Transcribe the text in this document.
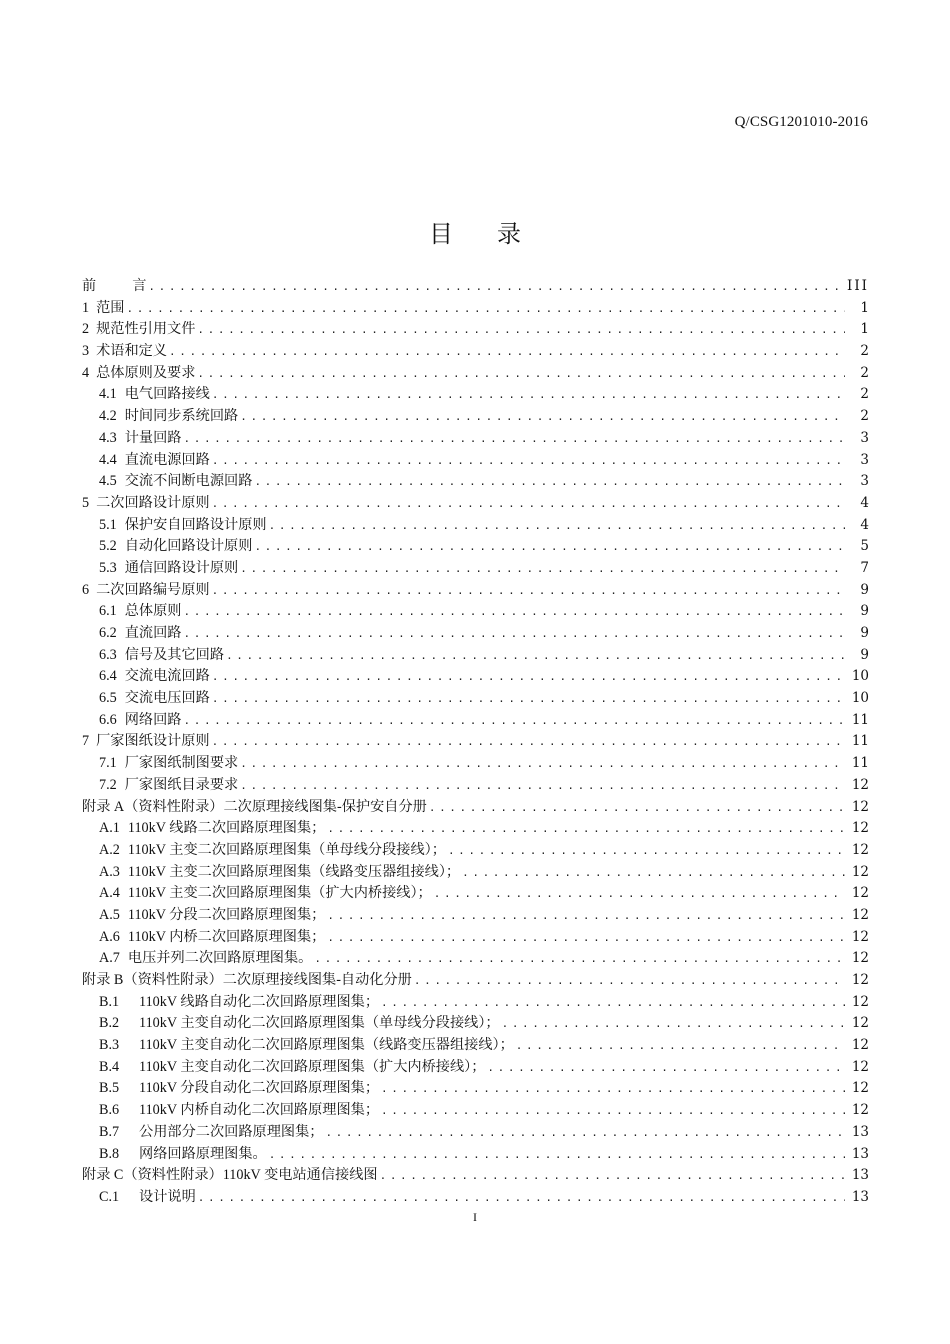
Q/CSG1201010-2016
目 录
前	言 .....	III
1 范围 .....	1
2 规范性引用文件 .....	1
3 术语和定义 .....	2
4 总体原则及要求 .....	2
4.1 电气回路接线 .....	2
4.2 时间同步系统回路 .....	2
4.3 计量回路 .....	3
4.4 直流电源回路 .....	3
4.5 交流不间断电源回路 .....	3
5 二次回路设计原则 .....	4
5.1 保护安自回路设计原则 .....	4
5.2 自动化回路设计原则 .....	5
5.3 通信回路设计原则 .....	7
6 二次回路编号原则 .....	9
6.1 总体原则 .....	9
6.2 直流回路 .....	9
6.3 信号及其它回路 .....	9
6.4 交流电流回路 .....	10
6.5 交流电压回路 .....	10
6.6 网络回路 .....	11
7 厂家图纸设计原则 .....	11
7.1 厂家图纸制图要求 .....	11
7.2 厂家图纸目录要求 .....	12
附录 A（资料性附录）二次原理接线图集-保护安自分册 .....	12
A.1 110kV 线路二次回路原理图集； .....	12
A.2 110kV 主变二次回路原理图集（单母线分段接线）； .....	12
A.3 110kV 主变二次回路原理图集（线路变压器组接线）； .....	12
A.4 110kV 主变二次回路原理图集（扩大内桥接线）； .....	12
A.5 110kV 分段二次回路原理图集； .....	12
A.6 110kV 内桥二次回路原理图集； .....	12
A.7 电压并列二次回路原理图集。 .....	12
附录 B（资料性附录）二次原理接线图集-自动化分册 .....	12
B.1	110kV 线路自动化二次回路原理图集； .....	12
B.2	110kV 主变自动化二次回路原理图集（单母线分段接线）； .....	12
B.3	110kV 主变自动化二次回路原理图集（线路变压器组接线）； .....	12
B.4	110kV 主变自动化二次回路原理图集（扩大内桥接线）； .....	12
B.5	110kV 分段自动化二次回路原理图集； .....	12
B.6	110kV 内桥自动化二次回路原理图集； .....	12
B.7	公用部分二次回路原理图集； .....	13
B.8	网络回路原理图集。 .....	13
附录 C（资料性附录）110kV 变电站通信接线图 .....	13
C.1	设计说明 .....	13
I
